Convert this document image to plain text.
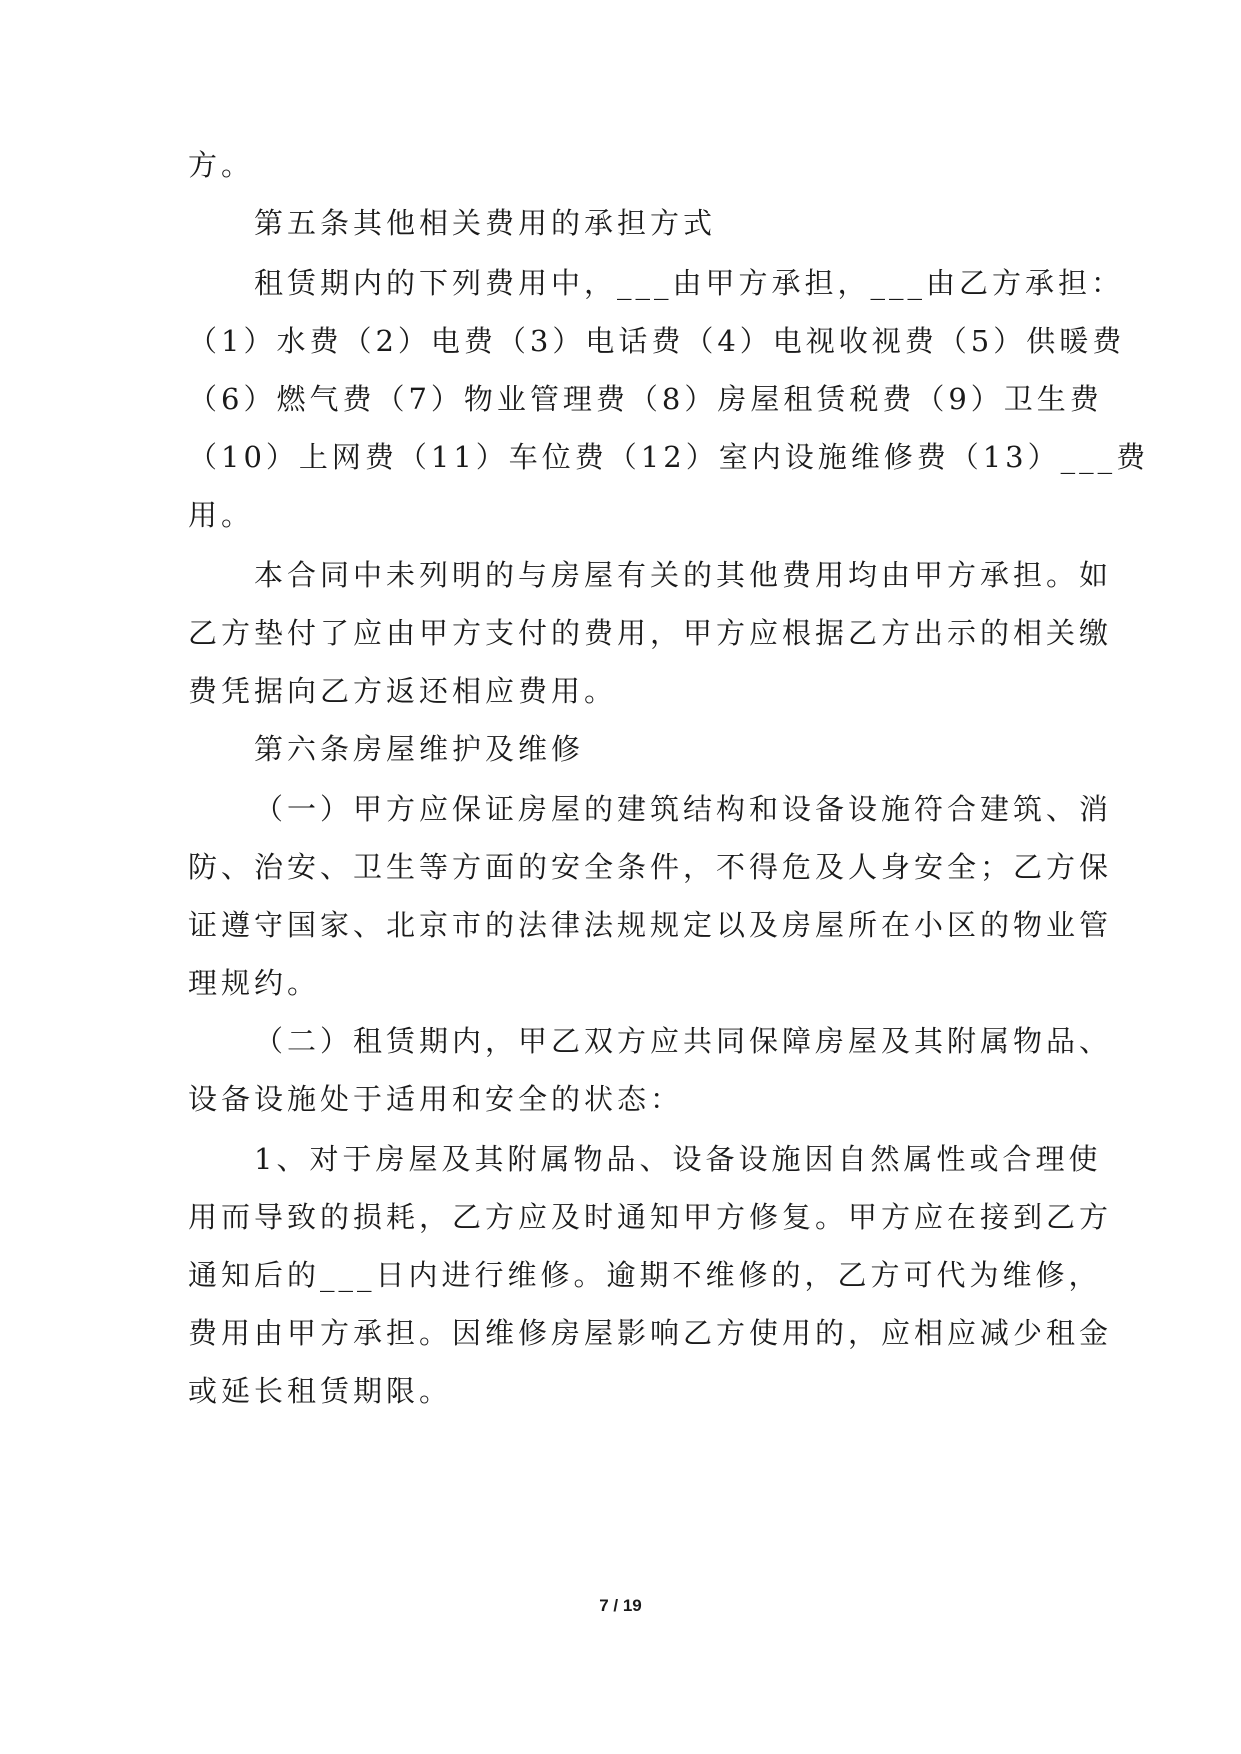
方。
第五条其他相关费用的承担方式
租赁期内的下列费用中，___由甲方承担，___由乙方承担：
（1）水费（2）电费（3）电话费（4）电视收视费（5）供暖费
（6）燃气费（7）物业管理费（8）房屋租赁税费（9）卫生费
（10）上网费（11）车位费（12）室内设施维修费（13）___费
用。
本合同中未列明的与房屋有关的其他费用均由甲方承担。如
乙方垫付了应由甲方支付的费用，甲方应根据乙方出示的相关缴
费凭据向乙方返还相应费用。
第六条房屋维护及维修
（一）甲方应保证房屋的建筑结构和设备设施符合建筑、消
防、治安、卫生等方面的安全条件，不得危及人身安全；乙方保
证遵守国家、北京市的法律法规规定以及房屋所在小区的物业管
理规约。
（二）租赁期内，甲乙双方应共同保障房屋及其附属物品、
设备设施处于适用和安全的状态：
1、对于房屋及其附属物品、设备设施因自然属性或合理使
用而导致的损耗，乙方应及时通知甲方修复。甲方应在接到乙方
通知后的___日内进行维修。逾期不维修的，乙方可代为维修，
费用由甲方承担。因维修房屋影响乙方使用的，应相应减少租金
或延长租赁期限。
7 / 19
